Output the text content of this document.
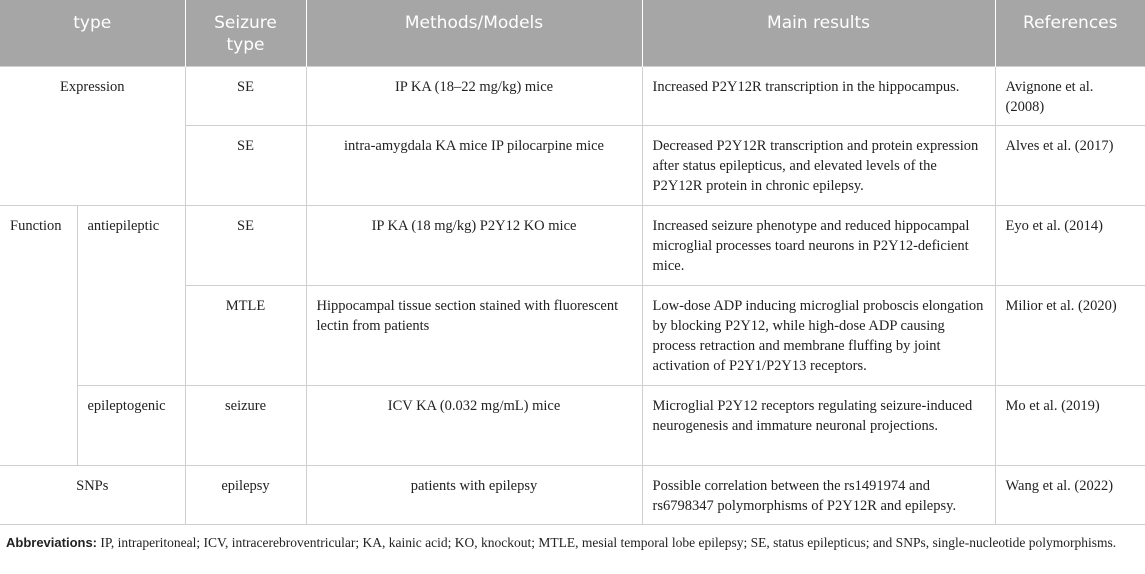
type		Seizure type	Methods/Models	Main results	References
Expression		SE	IP KA (18–22 mg/kg) mice	Increased P2Y12R transcription in the hippocampus.	Avignone et al. (2008)
		SE	intra-amygdala KA mice IP pilocarpine mice	Decreased P2Y12R transcription and protein expression after status epilepticus, and elevated levels of the P2Y12R protein in chronic epilepsy.	Alves et al. (2017)
Function	antiepileptic	SE	IP KA (18 mg/kg) P2Y12 KO mice	Increased seizure phenotype and reduced hippocampal microglial processes toard neurons in P2Y12-deficient mice.	Eyo et al. (2014)
		MTLE	Hippocampal tissue section stained with fluorescent lectin from patients	Low-dose ADP inducing microglial proboscis elongation by blocking P2Y12, while high-dose ADP causing process retraction and membrane fluffing by joint activation of P2Y1/P2Y13 receptors.	Milior et al. (2020)
	epileptogenic	seizure	ICV KA (0.032 mg/mL) mice	Microglial P2Y12 receptors regulating seizure-induced neurogenesis and immature neuronal projections.	Mo et al. (2019)
SNPs		epilepsy	patients with epilepsy	Possible correlation between the rs1491974 and rs6798347 polymorphisms of P2Y12R and epilepsy.	Wang et al. (2022)
Abbreviations: IP, intraperitoneal; ICV, intracerebroventricular; KA, kainic acid; KO, knockout; MTLE, mesial temporal lobe epilepsy; SE, status epilepticus; and SNPs, single-nucleotide polymorphisms.
